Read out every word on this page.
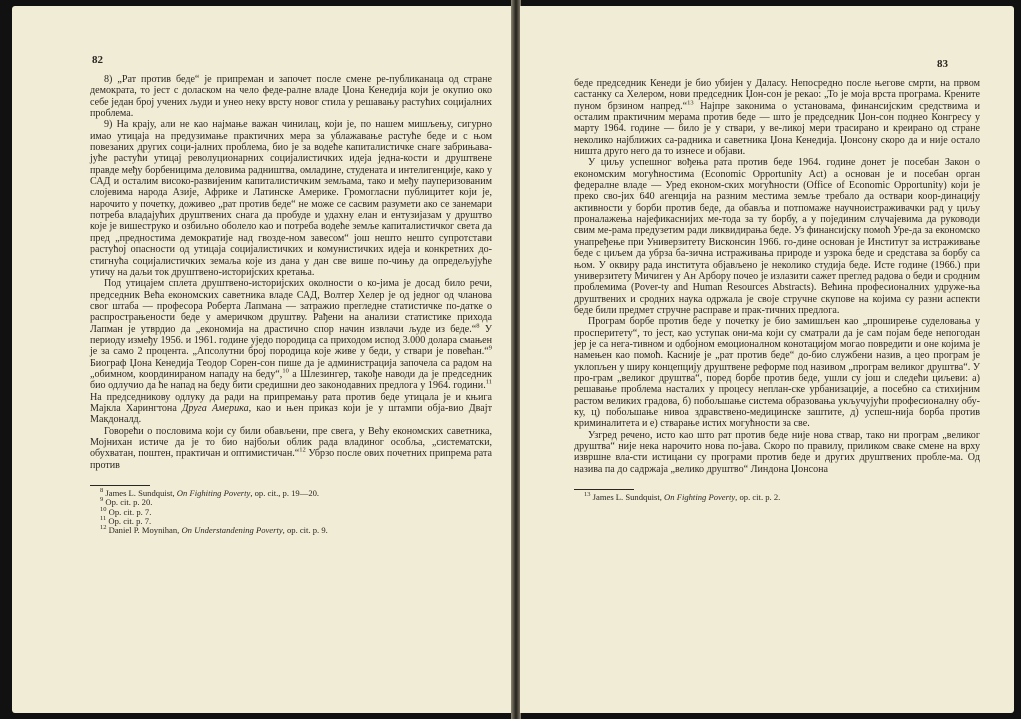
82

8) „Рат против беде“ је припреман и започет после смене ре-публиканаца од стране демократа, то јест с доласком на чело феде-ралне владе Џона Кенедија који је окупио око себе један број учених људи и унео неку врсту новог стила у решавању растућих социјалних проблема.

9) На крају, али не као најмање важан чинилац, који је, по нашем мишљењу, сигурно имао утицаја на предузимање практичних мера за ублажавање растуће беде и с њом повезаних других соци-јалних проблема, био је за водеће капиталистичке снаге забрињава-јуће растући утицај револуционарних социјалистичких идеја једна-кости и друштвене правде међу борбеницима деловима радништва, омладине, студената и интелигенције, како у САД и осталим високо-развијеним капиталистичким земљама, тако и међу пауперизованим слојевима народа Азије, Африке и Латинске Америке. Громогласни публицитет који је, нарочито у почетку, доживео „рат против беде“ не може се сасвим разумети ако се занемари потреба владајућих друштвених снага да пробуде и удахну елан и ентузијазам у друштво које је вишеструко и озбиљно оболело као и потреба водеће земље капиталистичког света да пред „предностима демократије над гвозде-ном завесом“ још нешто нешто супротстави растућој опасности од утицаја социјалистичких и комунистичких идеја и конкретних до-стигнућа социјалистичких земаља које из дана у дан све више по-чињу да опредељујуће утичу на даљи ток друштвено-историјских кретања.

Под утицајем сплета друштвено-историјских околности о ко-јима је досад било речи, председник Већа економских саветника владе САД, Волтер Хелер је од једног од чланова свог штаба — професора Роберта Лапмана — затражио прегледне статистичке по-датке о распрострањености беде у америчком друштву. Рађени на анализи статистике прихода Лапман је утврдио да „економија на драстично спор начин извлачи људе из беде.“$^8$ У периоду између 1956. и 1961. године уједо породица са приходом испод 3.000 долара смањен је за само 2 процента. „Апсолутни број породица које живе у беди, у ствари је повећан.“$^9$ Биограф Џона Кенедија Теодор Сорен-сон пише да је администрација започела са радом на „обимном, координираном нападу на беду“,$^{10}$ а Шлезингер, такође наводи да је председник био одлучио да ће напад на беду бити средишни део законодавних предлога у 1964. години.$^{11}$ На председникову одлуку да ради на припремању рата против беде утицала је и књига Мајкла Харингтона Друга Америка, као и њен приказ који је у штампи обја-вио Двајт Макдоналд.

Говорећи о пословима који су били обављени, пре свега, у Већу економских саветника, Мојнихан истиче да је то био најбољи облик рада владиног особља, „систематски, обухватан, поштен, практичан и оптимистичан.“$^{12}$ Убрзо после ових почетних припрема рата против

$^8$ James L. Sundquist, On Fighiting Poverty, op. cit., p. 19—20.

$^9$ Op. cit. p. 20.

$^{10}$ Op. cit. p. 7.

$^{11}$ Op. cit. p. 7.

$^{12}$ Daniel P. Moynihan, On Understandening Poverty, op. cit. p. 9.

83

беде председник Кенеди је био убијен у Даласу. Непосредно после његове смрти, на првом састанку са Хелером, нови председник Џон-сон је рекао: „То је моја врста програма. Крените пуном брзином напред.“$^{13}$ Најпре законима о установама, финансијским средствима и осталим практичним мерама против беде — што је председник Џон-сон поднео Конгресу у марту 1964. године — било је у ствари, у ве-ликој мери трасирано и креирано од стране неколико најближих са-радника и саветника Џона Кенедија. Џонсону скоро да и није остало ништа друго него да то изнесе и објави.

У циљу успешног вођења рата против беде 1964. године донет је посебан Закон о економским могућностима (Economic Opportunity Act) а основан је и посебан орган федералне владе — Уред економ-ских могућности (Office of Economic Opportunity) који је преко сво-јих 640 агенција на разним местима земље требало да оствари коор-динацију активности у борби против беде, да обавља и потпомаже научноистраживачки рад у циљу проналажења најефикаснијих ме-тода за ту борбу, а у појединим случајевима да руководи свим ме-рама предузетим ради ликвидирања беде. Уз финансијску помоћ Уре-да за економско унапређење при Универзитету Висконсин 1966. го-дине основан је Институт за истраживање беде с циљем да убрза ба-зична истраживања природе и узрока беде и средстава за борбу са њом. У оквиру рада института објављено је неколико студија беде. Исте године (1966.) при универзитету Мичиген у Ан Арбору почео је излазити сажет преглед радова о беди и сродним проблемима (Pover-ty and Human Resources Abstracts). Већина професионалних удруже-ња друштвених и сродних наука одржала је своје стручне скупове на којима су разни аспекти беде били предмет стручне расправе и прак-тичних предлога.

Програм борбе против беде у почетку је био замишљен као „проширење суделовања у просперитету“, то јест, као уступак они-ма који су сматрали да је сам појам беде непогодан јер је са нега-тивном и одбојном емоционалном конотацијом могао повредити и оне којима је намењен као помоћ. Касније је „рат против беде“ до-био службени назив, а цео програм је уклопљен у ширу концепцију друштвене реформе под називом „програм великог друштва“. У про-грам „великог друштва“, поред борбе против беде, ушли су још и следећи циљеви: а) решавање проблема насталих у процесу неплан-ске урбанизације, а посебно са стихијним растом великих градова, б) побољшање система образовања укључујући професионалну обу-ку, ц) побољшање нивоа здравствено-медицинске заштите, д) успеш-нија борба против криминалитета и е) стварање истих могућности за све.

Узгред речено, исто као што рат против беде није нова ствар, тако ни програм „великог друштва“ није нека нарочито нова по-јава. Скоро по правилу, приликом сваке смене на врху извршне вла-сти истицани су програми против беде и других друштвених пробле-ма. Од назива па до садржаја „велико друштво“ Линдона Џонсона

$^{13}$ James L. Sundquist, On Fighting Poverty, op. cit. p. 2.
